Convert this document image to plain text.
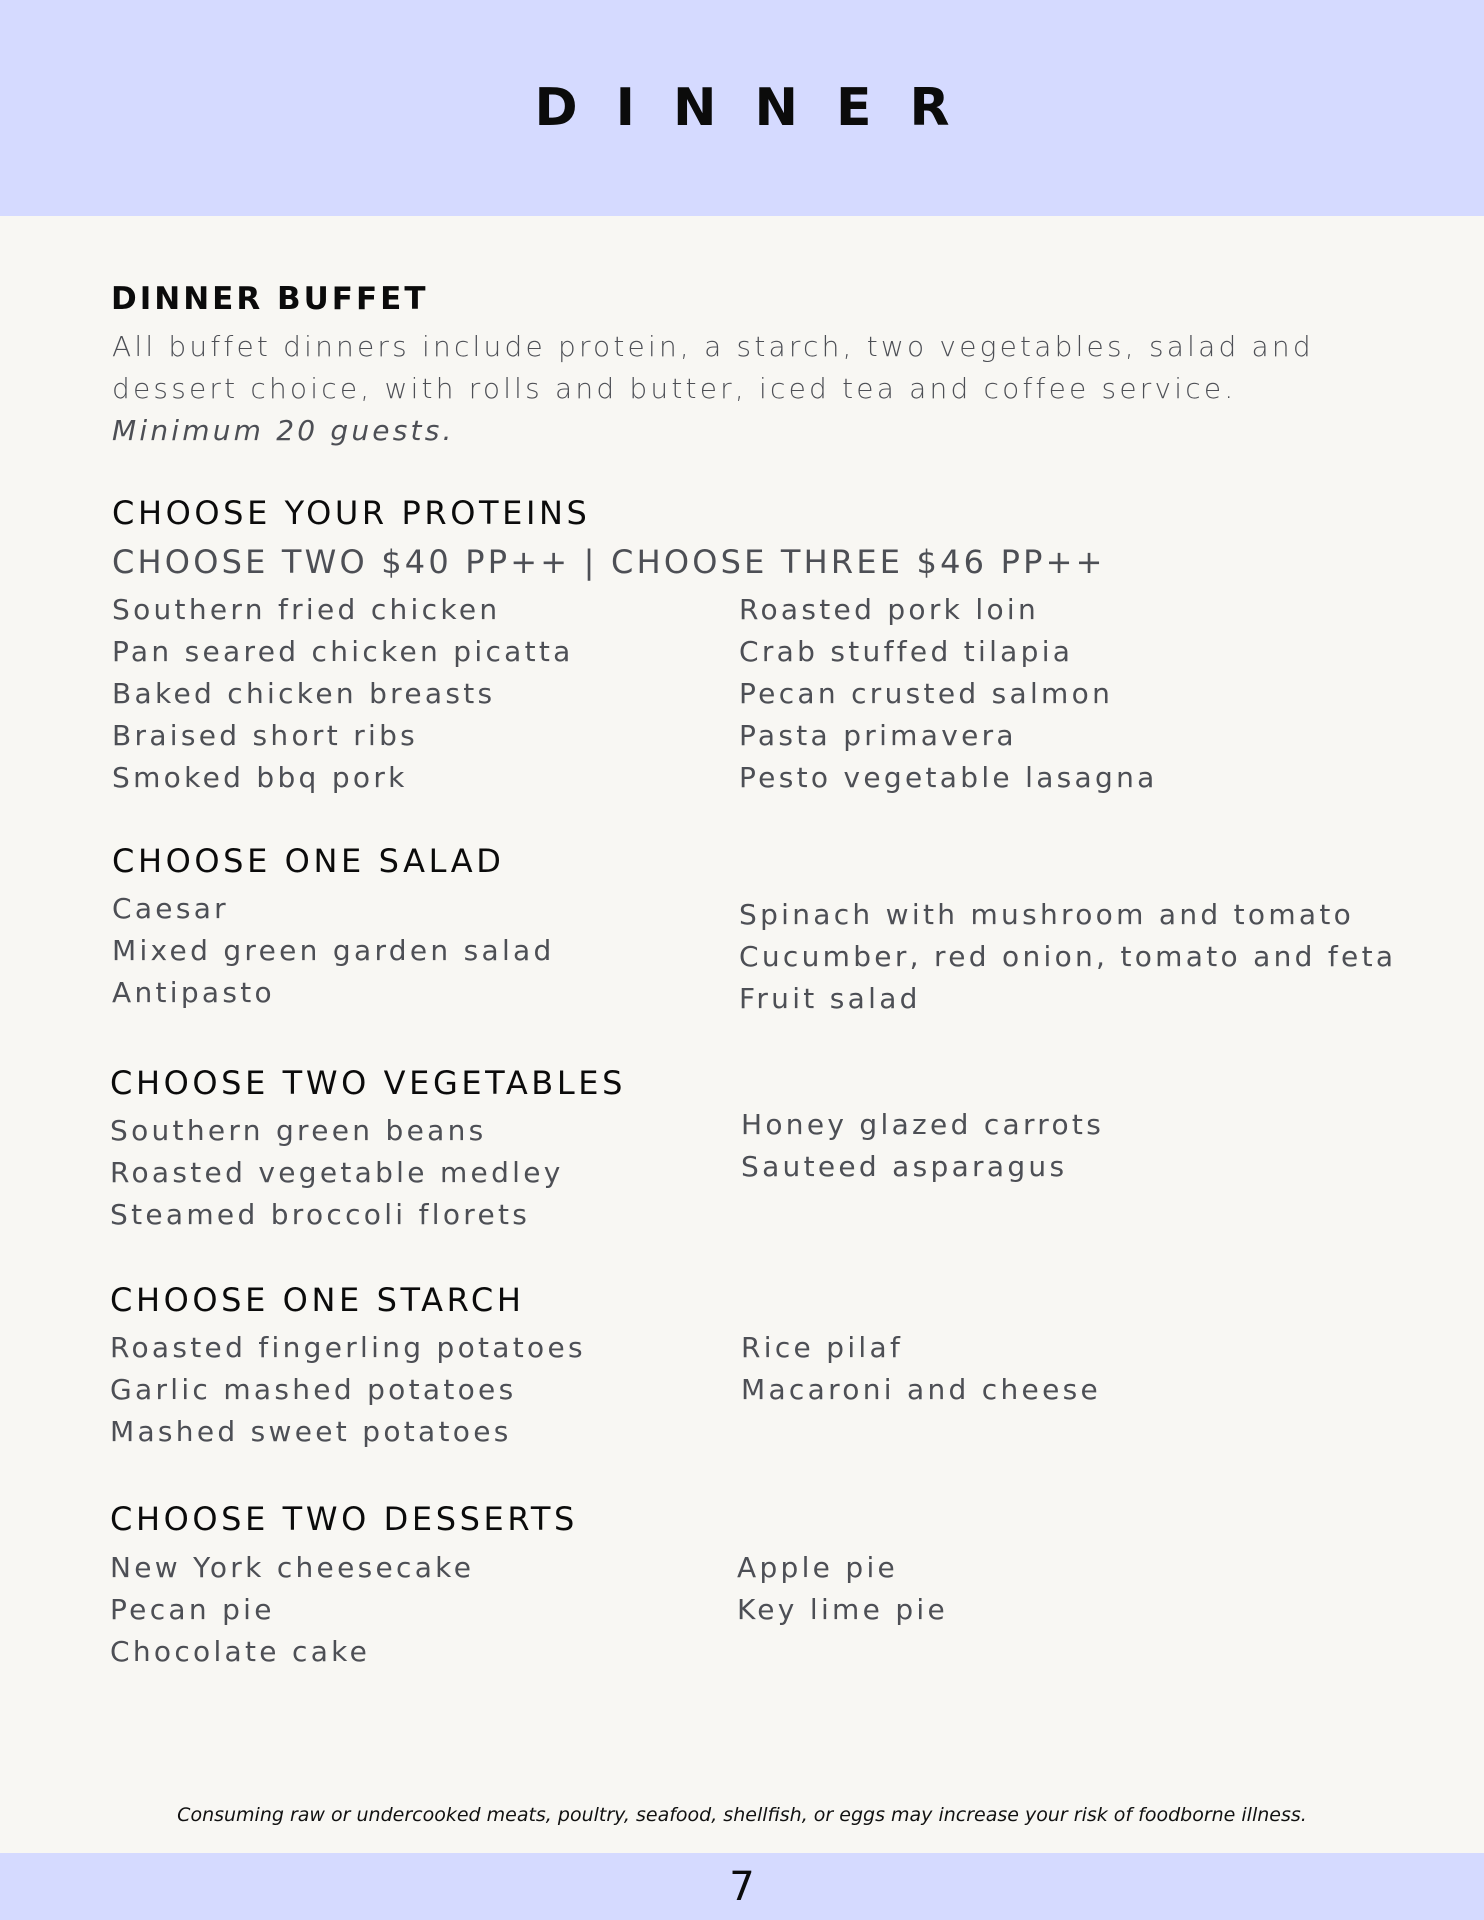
DINNER
DINNER BUFFET
All buffet dinners include protein, a starch, two vegetables, salad and dessert choice, with rolls and butter, iced tea and coffee service.
Minimum 20 guests.
CHOOSE YOUR PROTEINS
CHOOSE TWO $40 PP++ | CHOOSE THREE $46 PP++
Southern fried chicken
Pan seared chicken picatta
Baked chicken breasts
Braised short ribs
Smoked bbq pork
Roasted pork loin
Crab stuffed tilapia
Pecan crusted salmon
Pasta primavera
Pesto vegetable lasagna
CHOOSE ONE SALAD
Caesar
Mixed green garden salad
Antipasto
Spinach with mushroom and tomato
Cucumber, red onion, tomato and feta
Fruit salad
CHOOSE TWO VEGETABLES
Southern green beans
Roasted vegetable medley
Steamed broccoli florets
Honey glazed carrots
Sauteed asparagus
CHOOSE ONE STARCH
Roasted fingerling potatoes
Garlic mashed potatoes
Mashed sweet potatoes
Rice pilaf
Macaroni and cheese
CHOOSE TWO DESSERTS
New York cheesecake
Pecan pie
Chocolate cake
Apple pie
Key lime pie
Consuming raw or undercooked meats, poultry, seafood, shellfish, or eggs may increase your risk of foodborne illness.
7
